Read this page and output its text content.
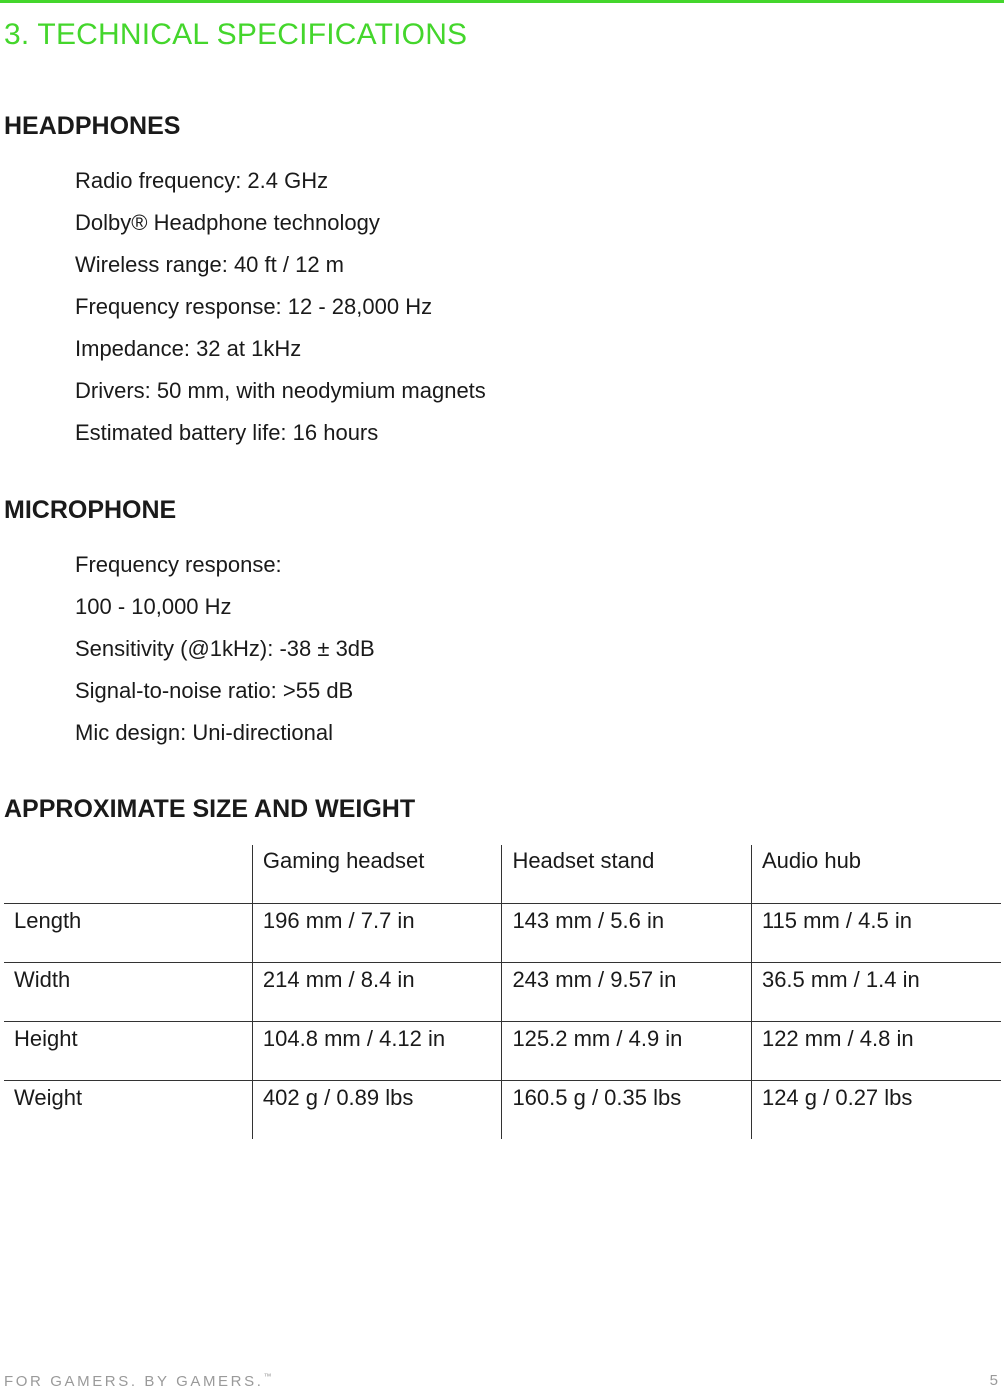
3. TECHNICAL SPECIFICATIONS
HEADPHONES
Radio frequency: 2.4 GHz
Dolby® Headphone technology
Wireless range: 40 ft / 12 m
Frequency response: 12 - 28,000 Hz
Impedance: 32 at 1kHz
Drivers: 50 mm, with neodymium magnets
Estimated battery life: 16 hours
MICROPHONE
Frequency response:
100 - 10,000 Hz
Sensitivity (@1kHz): -38 ± 3dB
Signal-to-noise ratio: >55 dB
Mic design: Uni-directional
APPROXIMATE SIZE AND WEIGHT
	Gaming headset	Headset stand	Audio hub
Length	196 mm / 7.7 in	143 mm / 5.6 in	115 mm / 4.5 in
Width	214 mm / 8.4 in	243 mm / 9.57 in	36.5 mm / 1.4 in
Height	104.8 mm / 4.12 in	125.2 mm / 4.9 in	122 mm / 4.8 in
Weight	402 g / 0.89 lbs	160.5 g / 0.35 lbs	124 g / 0.27 lbs
FOR GAMERS. BY GAMERS.™	5
